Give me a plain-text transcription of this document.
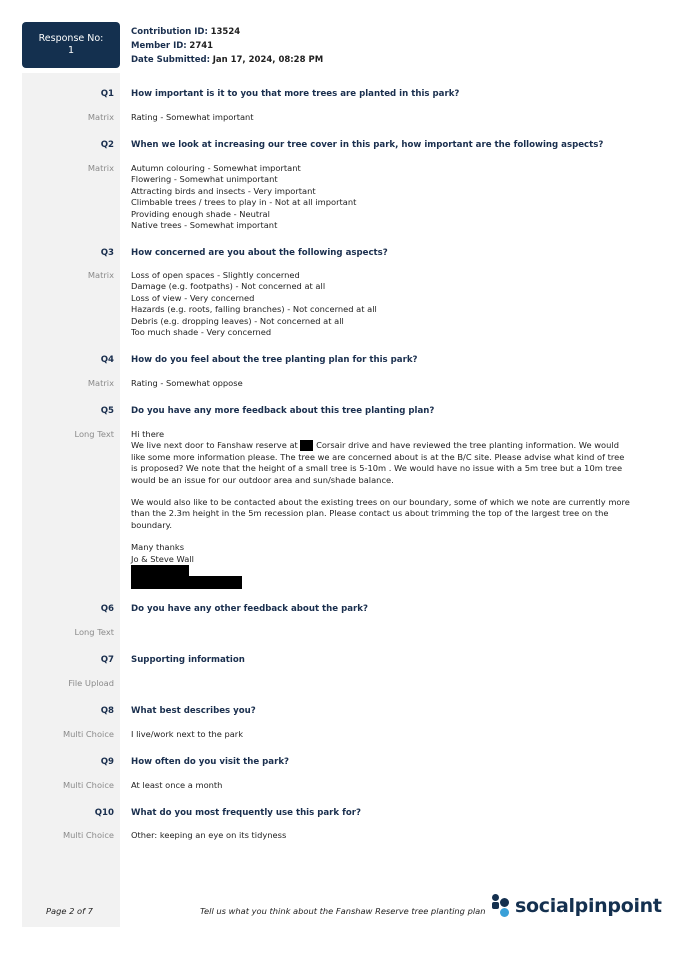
Response No:
1
Contribution ID: 13524
Member ID: 2741
Date Submitted: Jan 17, 2024, 08:28 PM
Q1 How important is it to you that more trees are planted in this park?
Matrix Rating - Somewhat important
Q2 When we look at increasing our tree cover in this park, how important are the following aspects?
Matrix Autumn colouring - Somewhat important
Flowering - Somewhat unimportant
Attracting birds and insects - Very important
Climbable trees / trees to play in - Not at all important
Providing enough shade - Neutral
Native trees - Somewhat important
Q3 How concerned are you about the following aspects?
Matrix Loss of open spaces - Slightly concerned
Damage (e.g. footpaths) - Not concerned at all
Loss of view - Very concerned
Hazards (e.g. roots, falling branches) - Not concerned at all
Debris (e.g. dropping leaves) - Not concerned at all
Too much shade - Very concerned
Q4 How do you feel about the tree planting plan for this park?
Matrix Rating - Somewhat oppose
Q5 Do you have any more feedback about this tree planting plan?
Long Text Hi there
We live next door to Fanshaw reserve at Corsair drive and have reviewed the tree planting information. We would like some more information please. The tree we are concerned about is at the B/C site. Please advise what kind of tree is proposed? We note that the height of a small tree is 5-10m . We would have no issue with a 5m tree but a 10m tree would be an issue for our outdoor area and sun/shade balance.
We would also like to be contacted about the existing trees on our boundary, some of which we note are currently more than the 2.3m height in the 5m recession plan. Please contact us about trimming the top of the largest tree on the boundary.
Many thanks
Jo & Steve Wall
Q6 Do you have any other feedback about the park?
Long Text
Q7 Supporting information
File Upload
Q8 What best describes you?
Multi Choice I live/work next to the park
Q9 How often do you visit the park?
Multi Choice At least once a month
Q10 What do you most frequently use this park for?
Multi Choice Other: keeping an eye on its tidyness
Page 2 of 7	Tell us what you think about the Fanshaw Reserve tree planting plan socialpinpoint
